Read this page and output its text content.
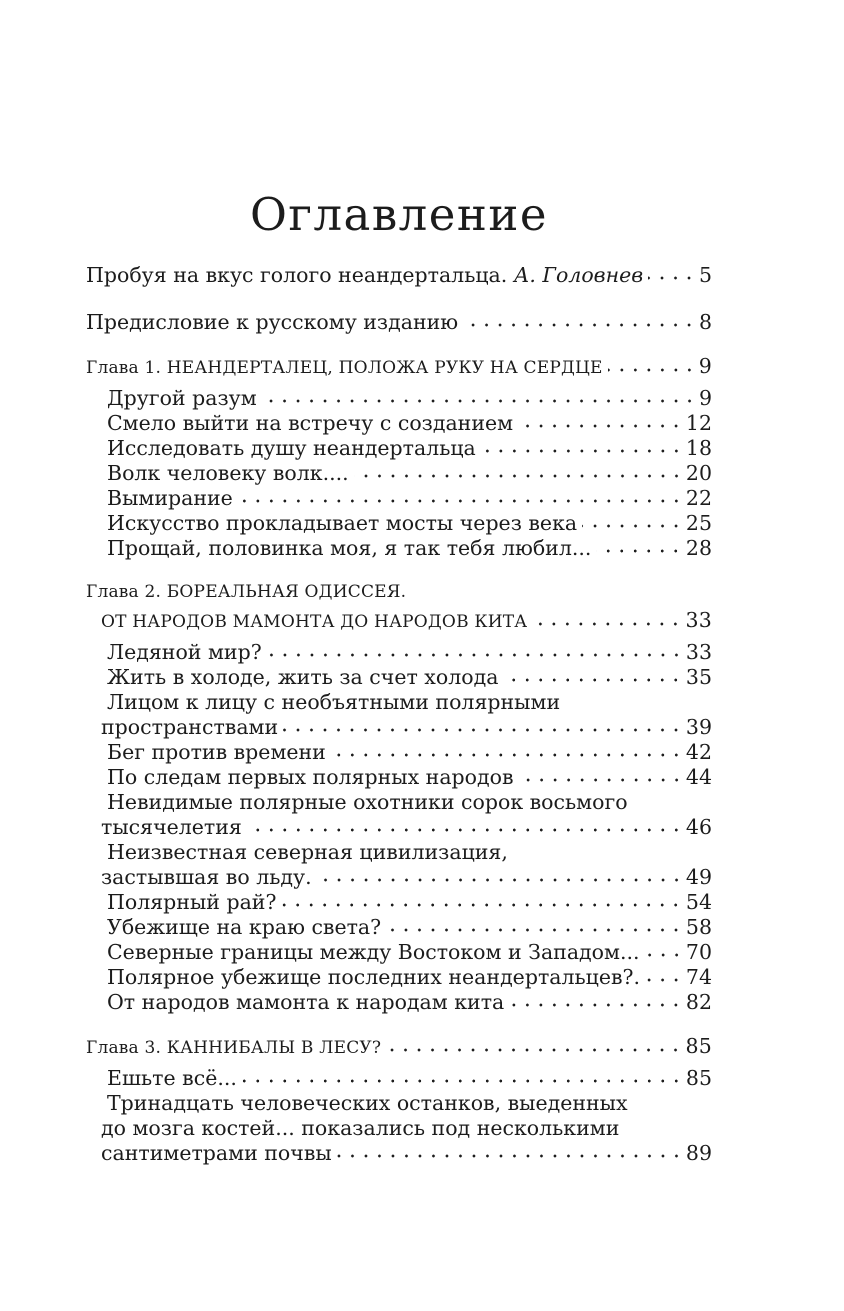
Оглавление
Пробуя на вкус голого неандертальца. А. Головнев	5
Предисловие к русскому изданию	8
Глава 1. НЕАНДЕРТАЛЕЦ, ПОЛОЖА РУКУ НА СЕРДЦЕ	9
Другой разум	9
Смело выйти на встречу с созданием	12
Исследовать душу неандертальца	18
Волк человеку волк....	20
Вымирание	22
Искусство прокладывает мосты через века	25
Прощай, половинка моя, я так тебя любил...	28
Глава 2. БОРЕАЛЬНАЯ ОДИССЕЯ.
ОТ НАРОДОВ МАМОНТА ДО НАРОДОВ КИТА	33
Ледяной мир?	33
Жить в холоде, жить за счет холода	35
Лицом к лицу с необъятными полярными
пространствами	39
Бег против времени	42
По следам первых полярных народов	44
Невидимые полярные охотники сорок восьмого
тысячелетия	46
Неизвестная северная цивилизация,
застывшая во льду.	49
Полярный рай?	54
Убежище на краю света?	58
Северные границы между Востоком и Западом... 70
Полярное убежище последних неандертальцев?. 74
От народов мамонта к народам кита	82
Глава 3. КАННИБАЛЫ В ЛЕСУ?	85
Ешьте всё...	85
Тринадцать человеческих останков, выеденных
до мозга костей... показались под несколькими
сантиметрами почвы	89
